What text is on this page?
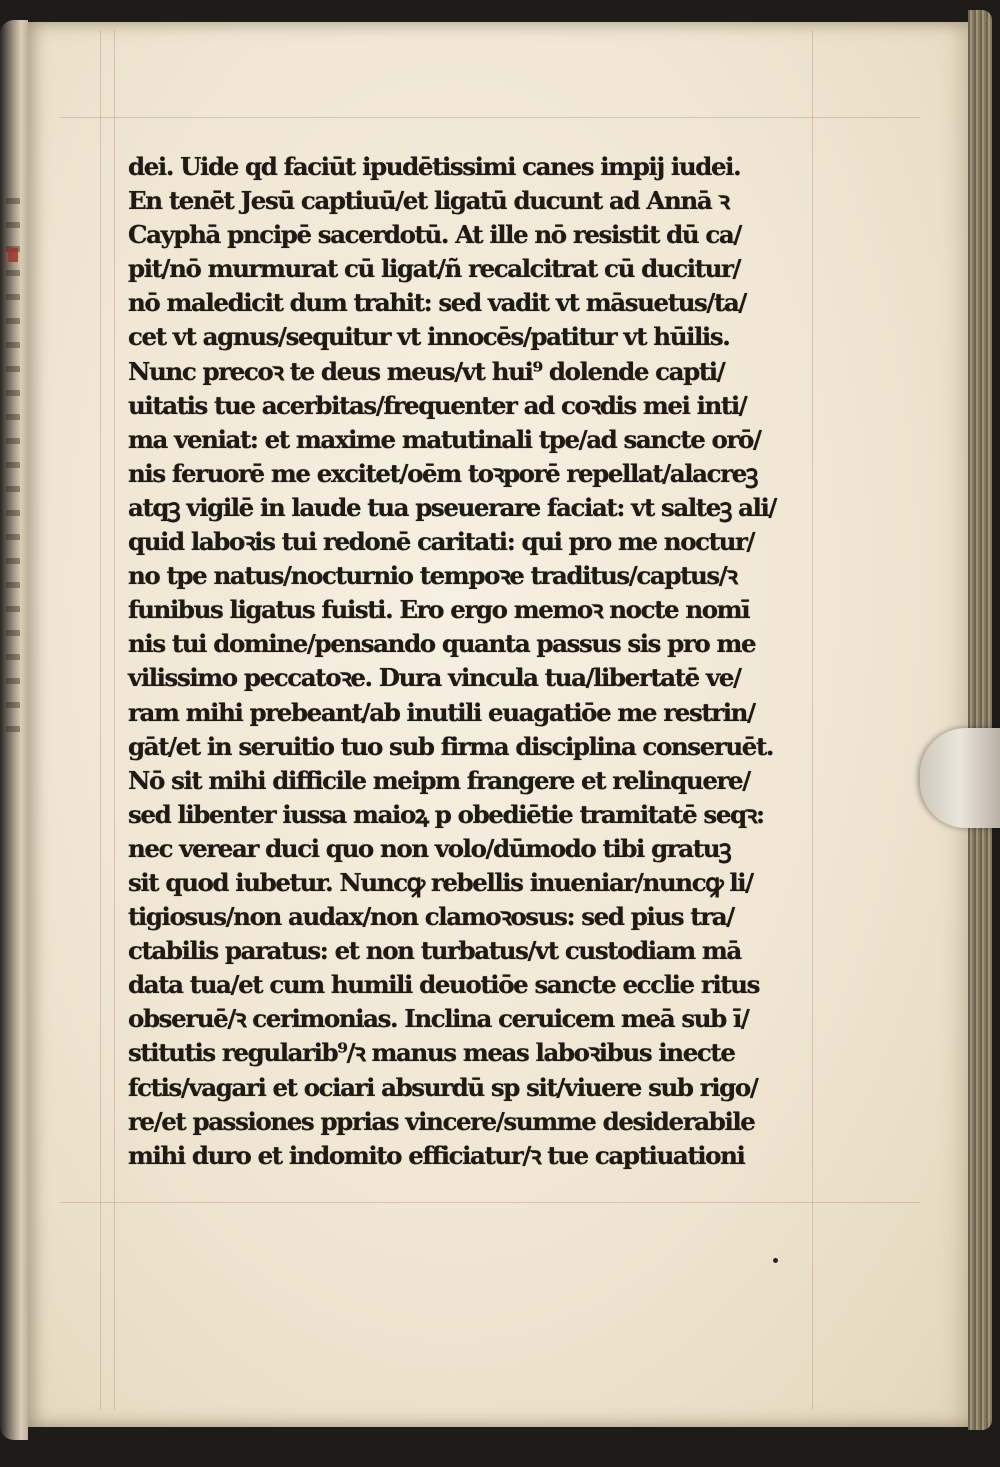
dei. Uide qd faciūt ipudētissimi canes impij iudei.
En tenēt Jesū captiuū/et ligatū ducunt ad Annā ꝛ
Cayphā pncipē sacerdotū. At ille nō resistit dū ca/
pit/nō murmurat cū ligat/ñ recalcitrat cū ducitur/
nō maledicit dum trahit: sed vadit vt māsuetus/ta/
cet vt agnus/sequitur vt innocēs/patitur vt hūilis.
Nunc precoꝛ te deus meus/vt hui⁹ dolende capti/
uitatis tue acerbitas/frequenter ad coꝛdis mei inti/
ma veniat: et maxime matutinali tpe/ad sancte orō/
nis feruorē me excitet/oēm toꝛporē repellat/alacreꝫ
atqꝫ vigilē in laude tua pseuerare faciat: vt salteꝫ ali/
quid laboꝛis tui redonē caritati: qui pro me noctur/
no tpe natus/nocturnio tempoꝛe traditus/captus/ꝛ
funibus ligatus fuisti. Ero ergo memoꝛ nocte nomī
nis tui domine/pensando quanta passus sis pro me
vilissimo peccatoꝛe. Dura vincula tua/libertatē ve/
ram mihi prebeant/ab inutili euagatiōe me restrin/
gāt/et in seruitio tuo sub firma disciplina conseruēt.
Nō sit mihi difficile meipm frangere et relinquere/
sed libenter iussa maioꝝ p obediētie tramitatē seqꝛ:
nec verear duci quo non volo/dūmodo tibi gratuꝫ
sit quod iubetur. Nuncꝙ rebellis inueniar/nuncꝙ li/
tigiosus/non audax/non clamoꝛosus: sed pius tra/
ctabilis paratus: et non turbatus/vt custodiam mā
data tua/et cum humili deuotiōe sancte ecclie ritus
obseruē/ꝛ cerimonias. Inclina ceruicem meā sub ī/
stitutis regularib⁹/ꝛ manus meas laboꝛibus inecte
fctis/vagari et ociari absurdū sp sit/viuere sub rigo/
re/et passiones pprias vincere/summe desiderabile
mihi duro et indomito efficiatur/ꝛ tue captiuationi
